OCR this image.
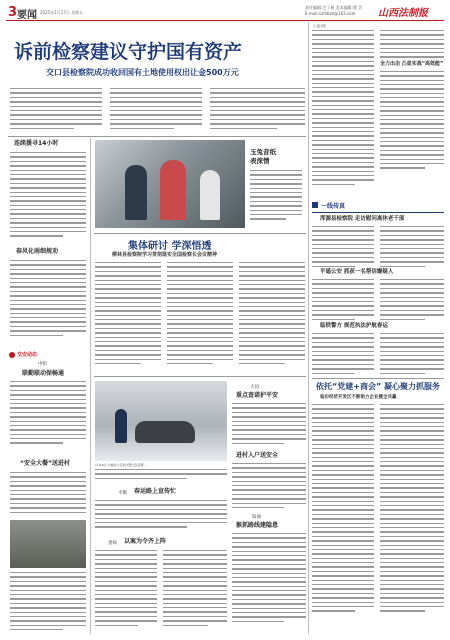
3 要闻 2025年1月17日 星期五
责任编辑:巴丁赫 美术编辑:曹 芸
E-mail:sxfzbzb@163.com 山西法制报
诉前检察建议守护国有资产
交口县检察院成功收回国有土地使用权出让金500万元
连续援寻14小时
春风化雨细规劝
交安动态
中阳
联勤联动保畅通
“安全大餐”送进村
玉兔音纸
表深情
集体研讨 学深悟透
柳林县检察院学习贯彻落实全国检察长会议精神
1月16日,交城县公安局交警大队民警...
大同
重点查诺护平安
进村入户送安全
平顺 春运路上宣传忙
娄烦 以案为令齐上阵
阳曲
猴抓路线建隐患
上接1版
全力出击 凸显实战“高效能”
一线传真
浑源县检察院 走访慰问离休老干部
平遥公安 抓获一名帮信嫌疑人
临铁警方 规范执法护航春运
依托“党建+商会” 凝心聚力抓服务
临汾经济开发区不断助力企业健全共赢
